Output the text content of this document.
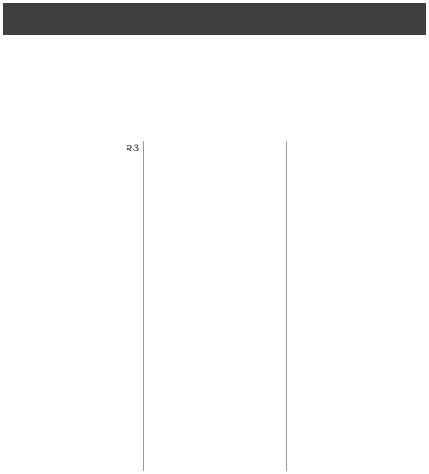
૨૩
